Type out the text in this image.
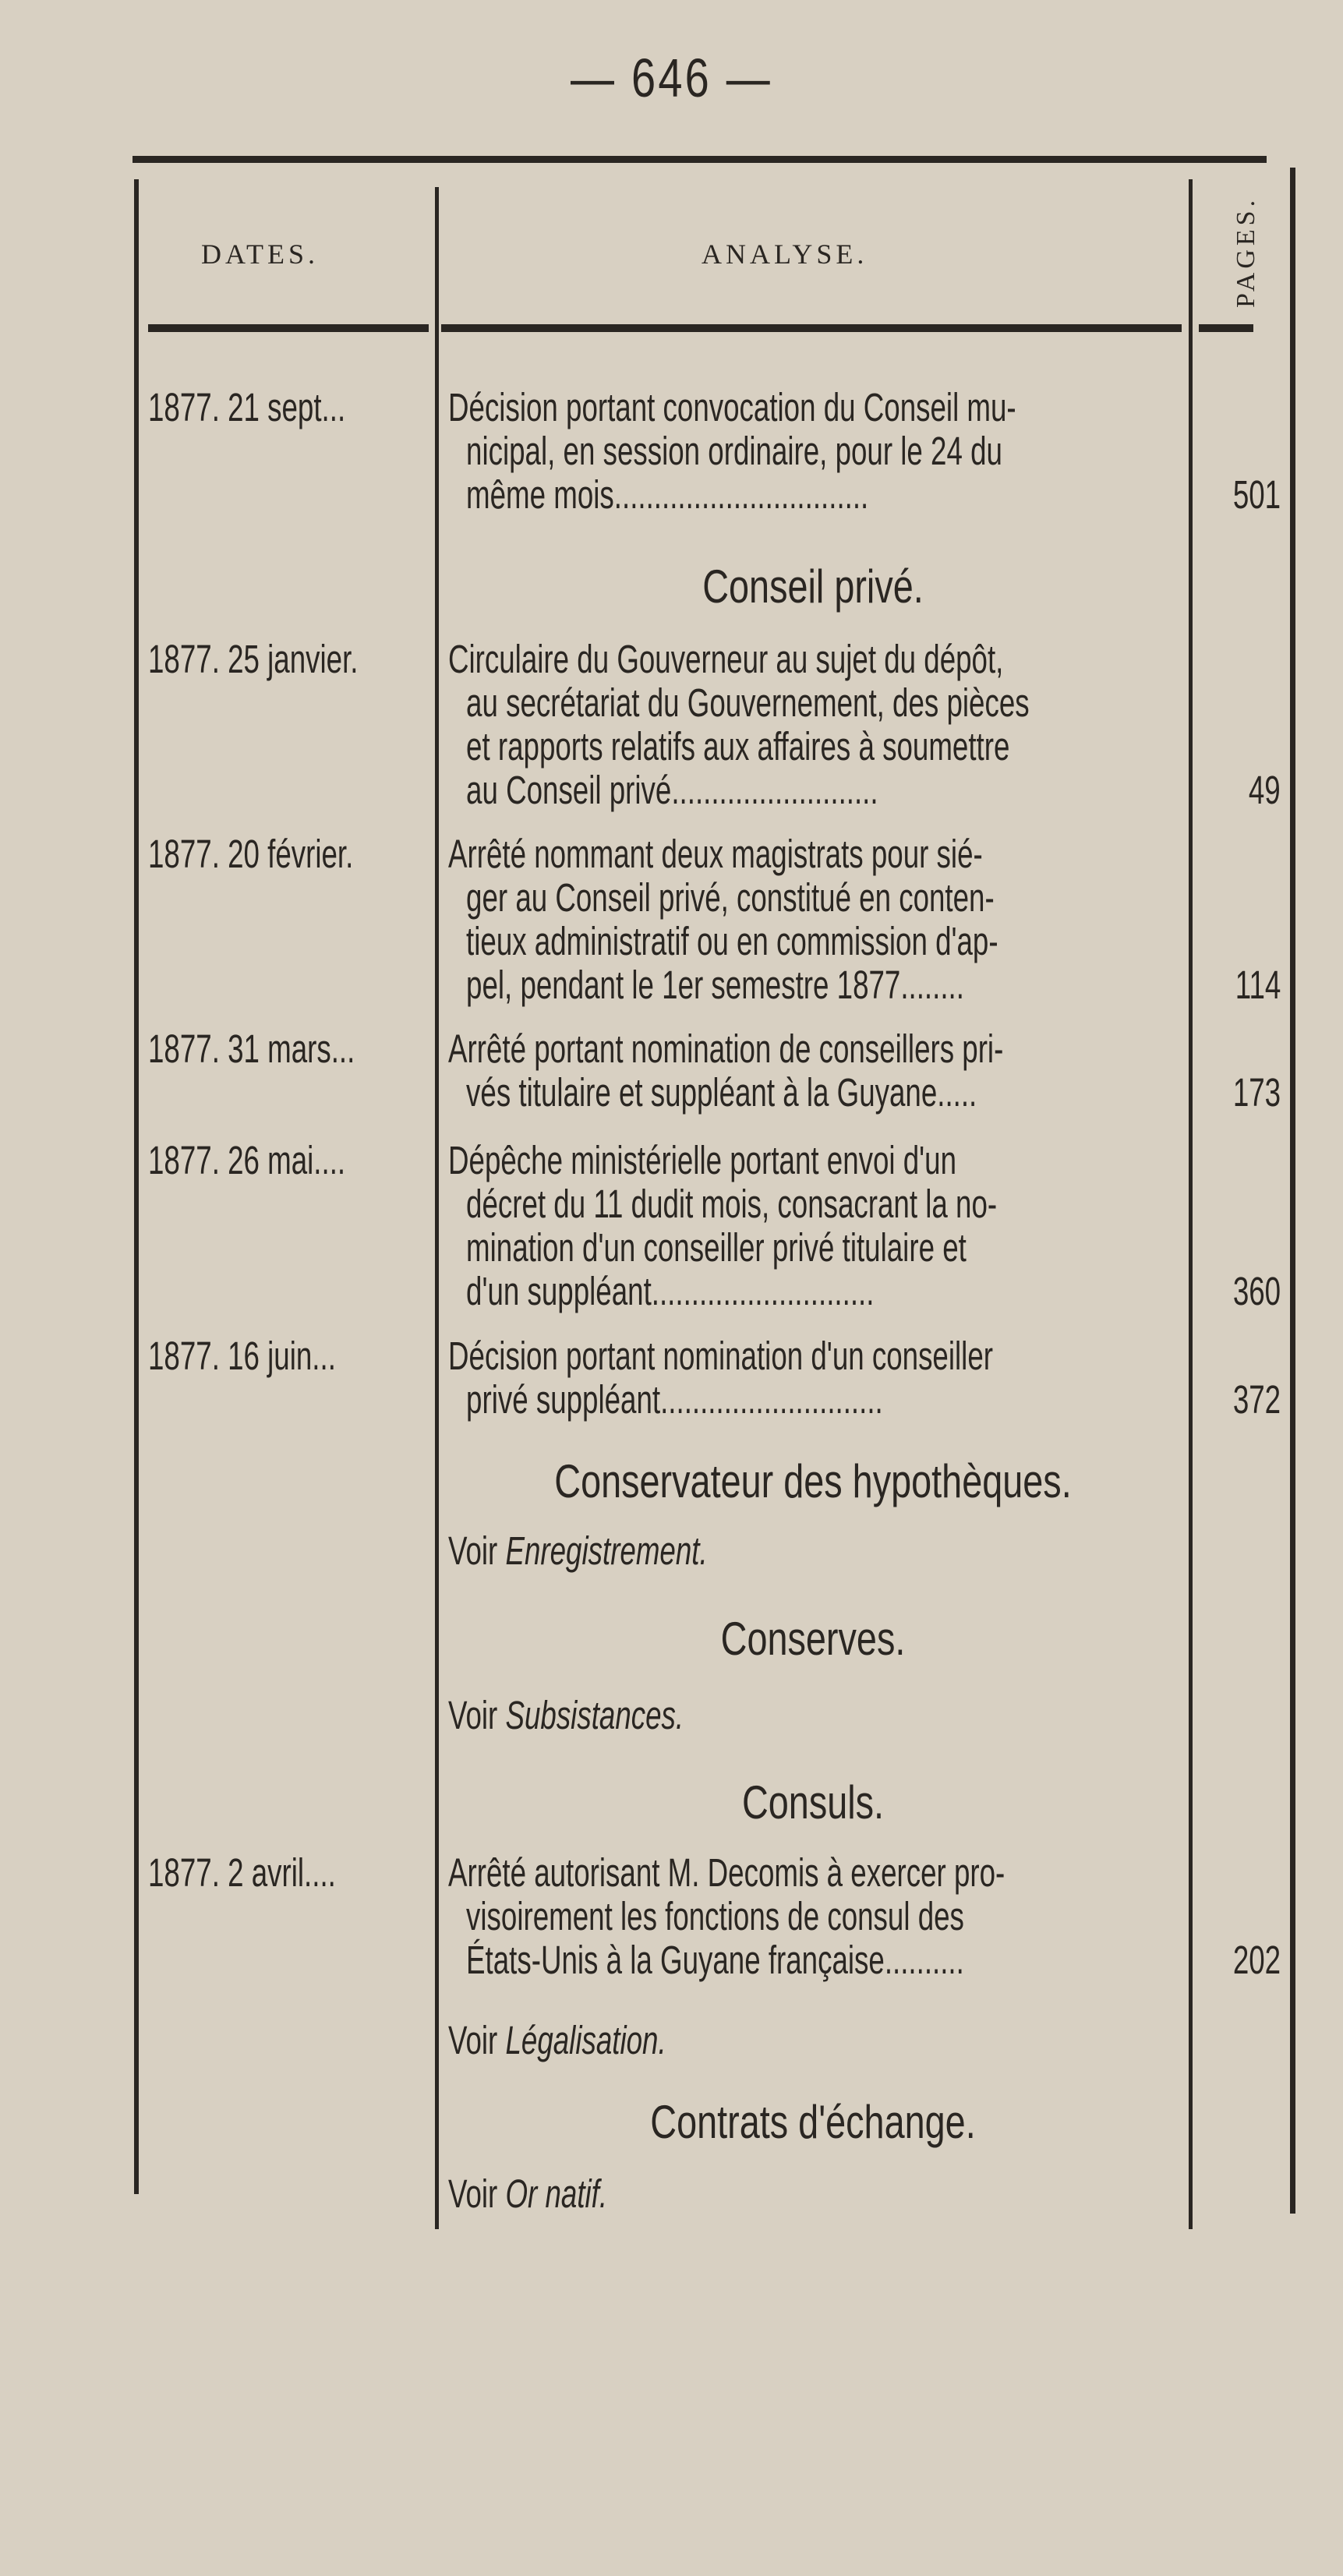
— 646 —
DATES.	ANALYSE.	PAGES.
1877. 21 sept...	Décision portant convocation du Conseil mu-
nicipal, en session ordinaire, pour le 24 du
même mois................................	501
Conseil privé.
1877. 25 janvier. Circulaire du Gouverneur au sujet du dépôt,
au secrétariat du Gouvernement, des pièces
et rapports relatifs aux affaires à soumettre
au Conseil privé..........................	49
1877. 20 février. Arrêté nommant deux magistrats pour sié-
ger au Conseil privé, constitué en conten-
tieux administratif ou en commission d'ap-
pel, pendant le 1er semestre 1877........	114
1877. 31 mars... Arrêté portant nomination de conseillers pri-
vés titulaire et suppléant à la Guyane.....	173
1877. 26 mai....	Dépêche ministérielle portant envoi d'un
décret du 11 dudit mois, consacrant la no-
mination d'un conseiller privé titulaire et
d'un suppléant............................	360
1877. 16 juin...	Décision portant nomination d'un conseiller
privé suppléant............................	372
Conservateur des hypothèques.
Voir Enregistrement.
Conserves.
Voir Subsistances.
Consuls.
1877. 2 avril....	Arrêté autorisant M. Decomis à exercer pro-
visoirement les fonctions de consul des
États-Unis à la Guyane française..........	202
Voir Légalisation.
Contrats d'échange.
Voir Or natif.
